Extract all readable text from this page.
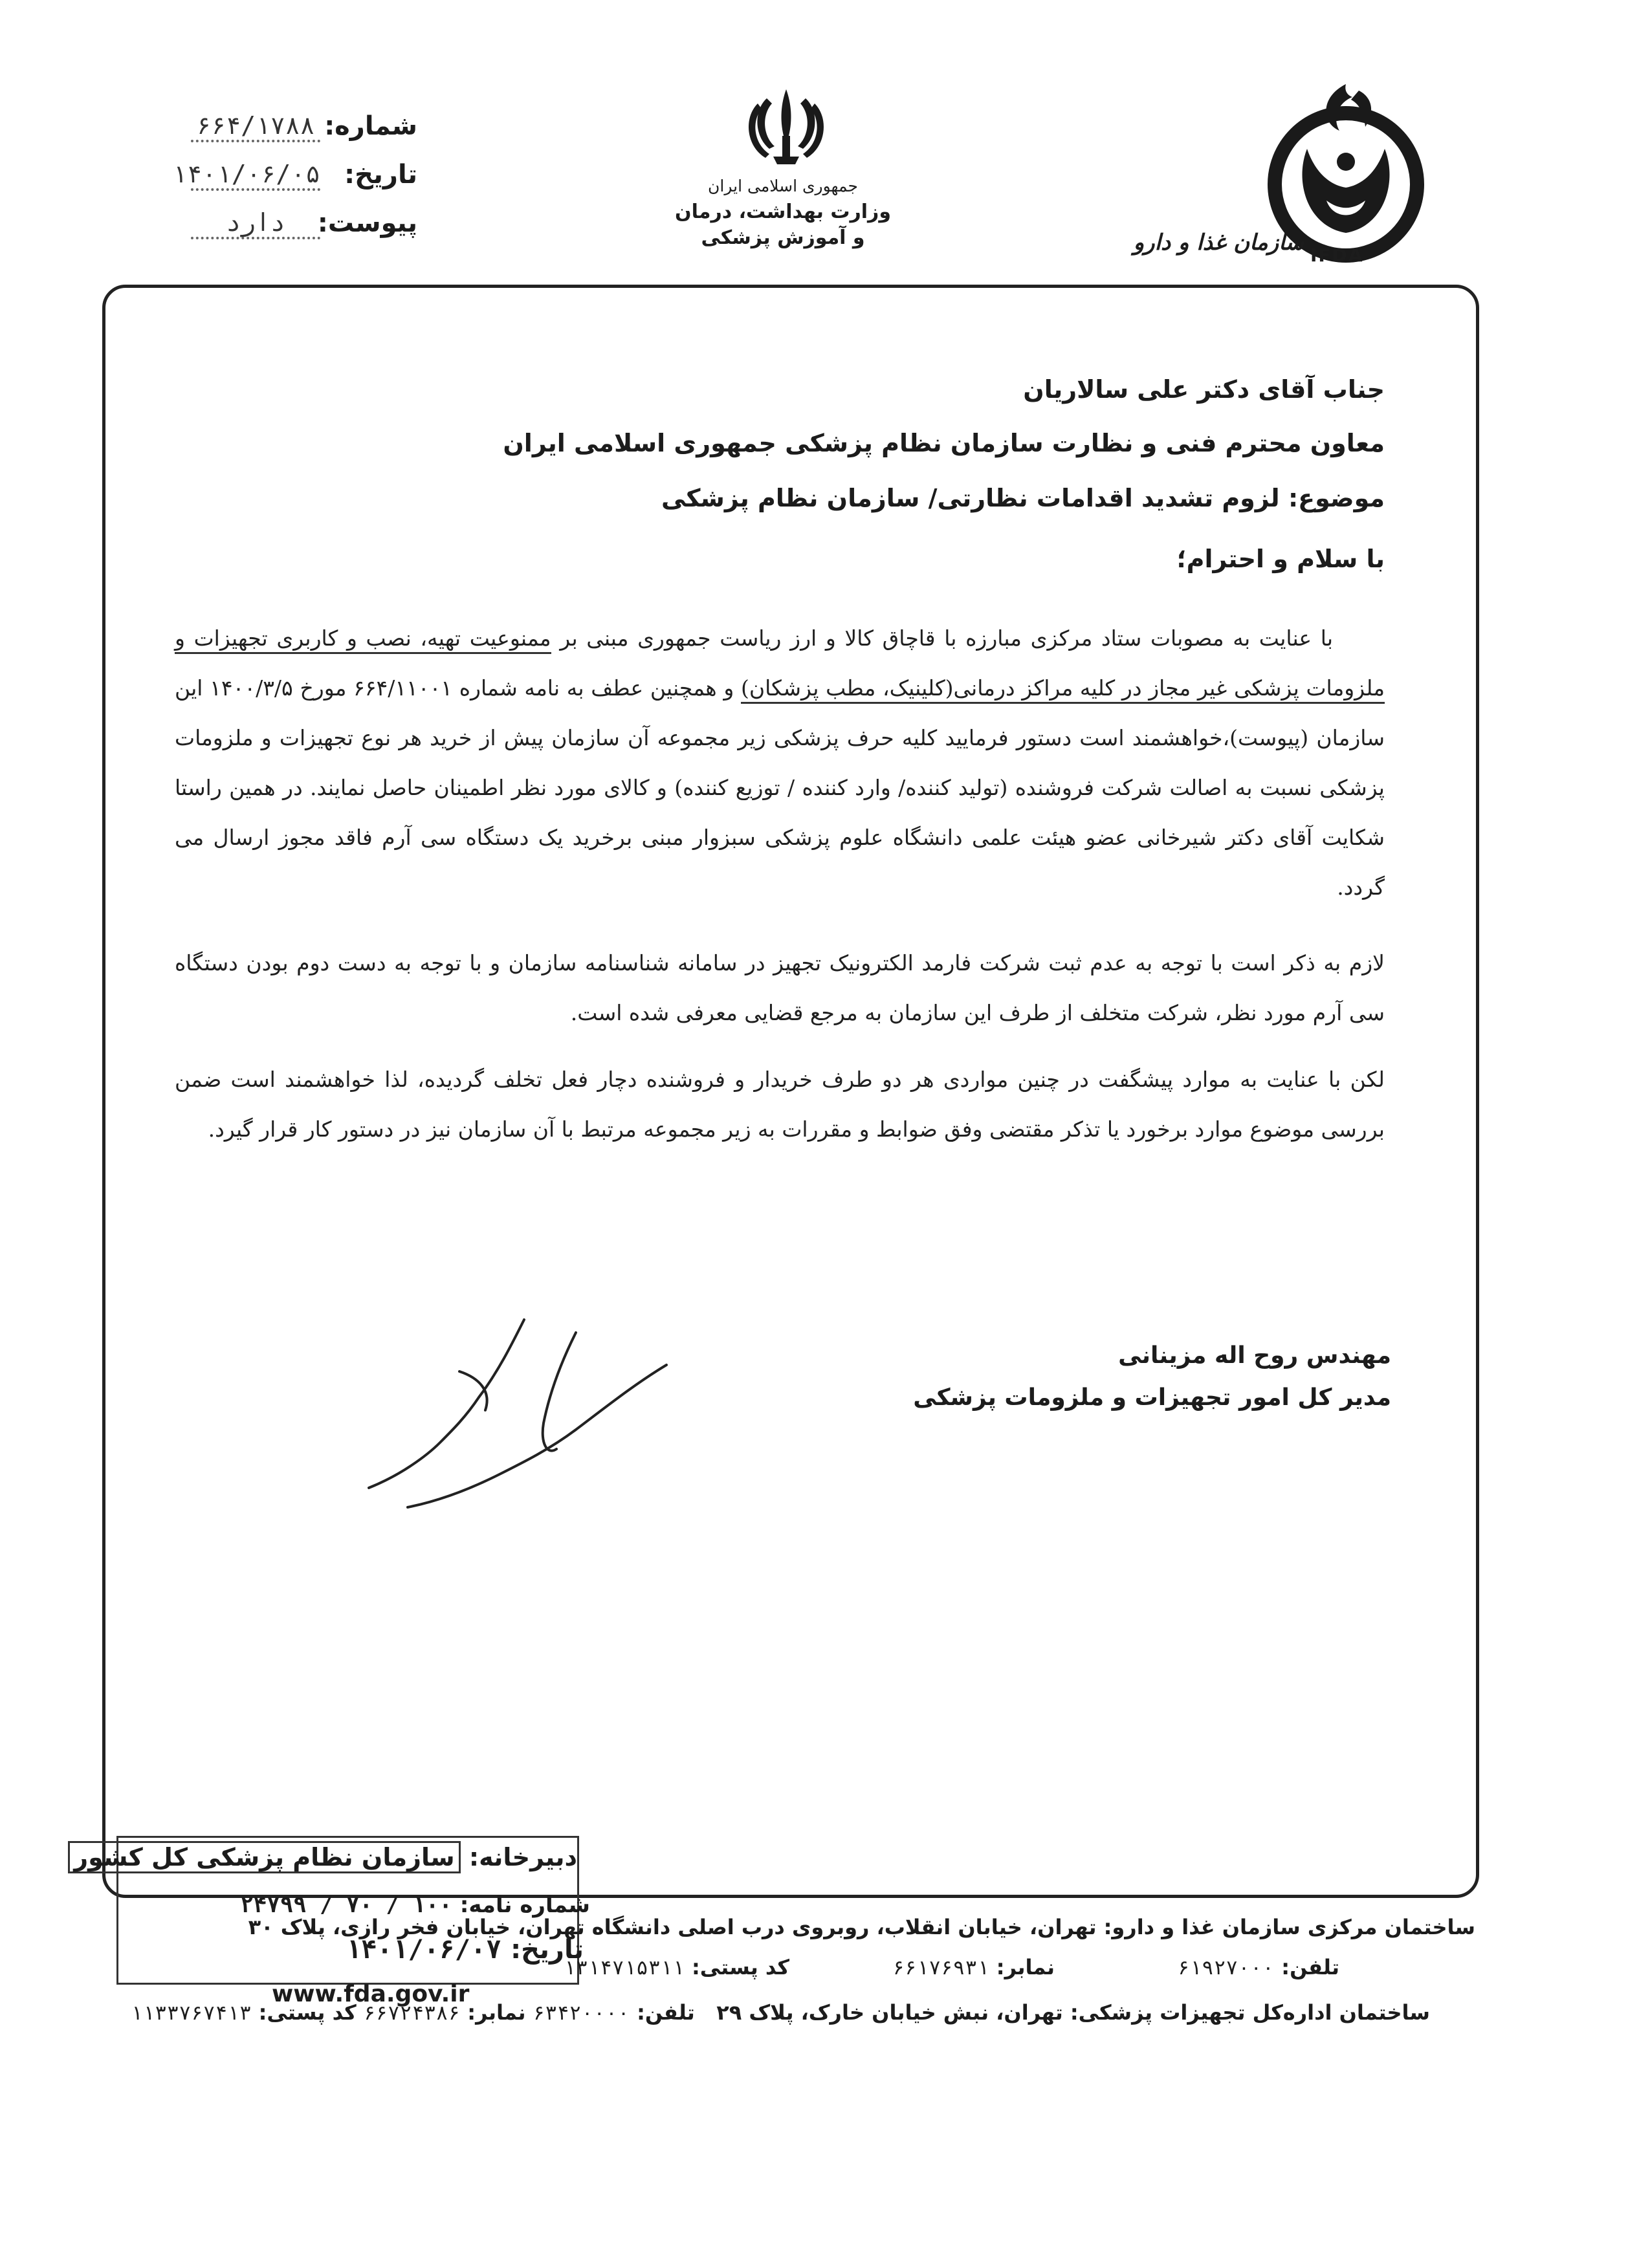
شماره:
۶۶۴/۱۷۸۸
تاریخ:
۱۴۰۱/۰۶/۰۵
پیوست:
دارد
جمهوری اسلامی ایران
وزارت بهداشت، درمان
و آموزش پزشکی	سازمان غذا و دارو IFDA
جناب آقای دکتر علی سالاریان
معاون محترم فنی و نظارت سازمان نظام پزشکی جمهوری اسلامی ایران
موضوع: لزوم تشدید اقدامات نظارتی/ سازمان نظام پزشکی
با سلام و احترام؛
با عنایت به مصوبات ستاد مرکزی مبارزه با قاچاق کالا و ارز ریاست جمهوری مبنی بر ممنوعیت تهیه، نصب و کاربری تجهیزات و ملزومات پزشکی غیر مجاز در کلیه مراکز درمانی(کلینیک، مطب پزشکان) و همچنین عطف به نامه شماره ۶۶۴/۱۱۰۰۱ مورخ ۱۴۰۰/۳/۵ این سازمان (پیوست)،خواهشمند است دستور فرمایید کلیه حرف پزشکی زیر مجموعه آن سازمان پیش از خرید هر نوع تجهیزات و ملزومات پزشکی نسبت به اصالت شرکت فروشنده (تولید کننده/ وارد کننده / توزیع کننده) و کالای مورد نظر اطمینان حاصل نمایند. در همین راستا شکایت آقای دکتر شیرخانی عضو هیئت علمی دانشگاه علوم پزشکی سبزوار مبنی برخرید یک دستگاه سی آرم فاقد مجوز ارسال می گردد.
لازم به ذکر است با توجه به عدم ثبت شرکت فارمد الکترونیک تجهیز در سامانه شناسنامه سازمان و با توجه به دست دوم بودن دستگاه سی آرم مورد نظر، شرکت متخلف از طرف این سازمان به مرجع قضایی معرفی شده است.
لکن با عنایت به موارد پیشگفت در چنین مواردی هر دو طرف خریدار و فروشنده دچار فعل تخلف گردیده، لذا خواهشمند است ضمن بررسی موضوع موارد برخورد یا تذکر مقتضی وفق ضوابط و مقررات به زیر مجموعه مرتبط با آن سازمان نیز در دستور کار قرار گیرد.
مهندس روح اله مزینانی
مدیر کل امور تجهیزات و ملزومات پزشکی
دبیرخانه: سازمان نظام پزشکی کل کشور
شماره نامه: ۱۰۰ / ۷۰ / ۲۴۷۹۹
تاریخ: ۱۴۰۱/۰۶/۰۷
ساختمان مرکزی سازمان غذا و دارو: تهران، خیابان انقلاب، روبروی درب اصلی دانشگاه تهران، خیابان فخر رازی، پلاک ۳۰
تلفن: ۶۱۹۲۷۰۰۰
نمابر: ۶۶۱۷۶۹۳۱
کد پستی: ۱۳۱۴۷۱۵۳۱۱
www.fda.gov.ir
ساختمان اداره‌کل تجهیزات پزشکی: تهران، نبش خیابان خارک، پلاک ۲۹   تلفن: ۶۳۴۲۰۰۰۰ نمابر: ۶۶۷۲۴۳۸۶ کد پستی: ۱۱۳۳۷۶۷۴۱۳
